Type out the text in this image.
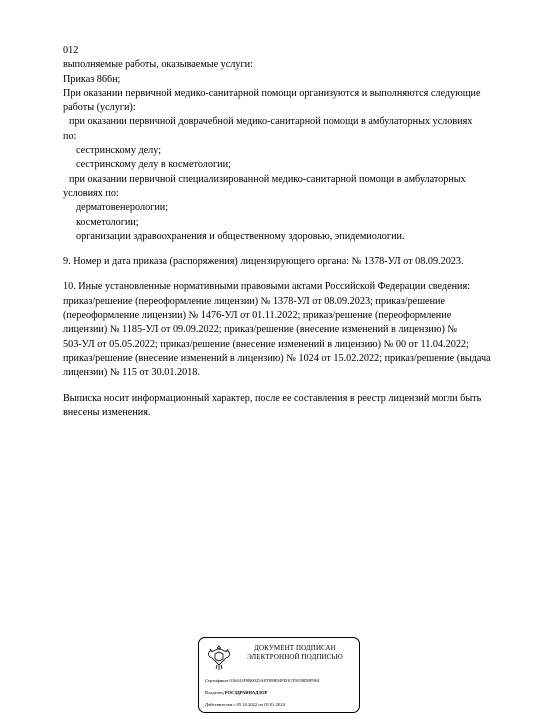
012
выполняемые работы, оказываемые услуги:
Приказ 866н;
При оказании первичной медико-санитарной помощи организуются и выполняются следующие
работы (услуги):
при оказании первичной доврачебной медико-санитарной помощи в амбулаторных условиях
по:
сестринскому делу;
сестринскому делу в косметологии;
при оказании первичной специализированной медико-санитарной помощи в амбулаторных
условиях по:
дерматовенерологии;
косметологии;
организации здравоохранения и общественному здоровью, эпидемиологии.
9. Номер и дата приказа (распоряжения) лицензирующего органа: № 1378-УЛ от 08.09.2023.
10. Иные установленные нормативными правовыми актами Российской Федерации сведения:
приказ/решение (переоформление лицензии) № 1378-УЛ от 08.09.2023; приказ/решение
(переоформление лицензии) № 1476-УЛ от 01.11.2022; приказ/решение (переоформление
лицензии) № 1185-УЛ от 09.09.2022; приказ/решение (внесение изменений в лицензию) №
503-УЛ от 05.05.2022; приказ/решение (внесение изменений в лицензию) № 00 от 11.04.2022;
приказ/решение (внесение изменений в лицензию) № 1024 от 15.02.2022; приказ/решение (выдача
лицензии) № 115 от 30.01.2018.
Выписка носит информационный характер, после ее составления в реестр лицензий могли быть
внесены изменения.
ДОКУМЕНТ ПОДПИСАН
ЭЛЕКТРОННОЙ ПОДПИСЬЮ
Сертификат 016441F0B0025A0T09B94FD1CF5058D8F984
Владелец РОСЗДРАВНАДЗОР
Действителен с 05.10.2022 по 05.01.2024
